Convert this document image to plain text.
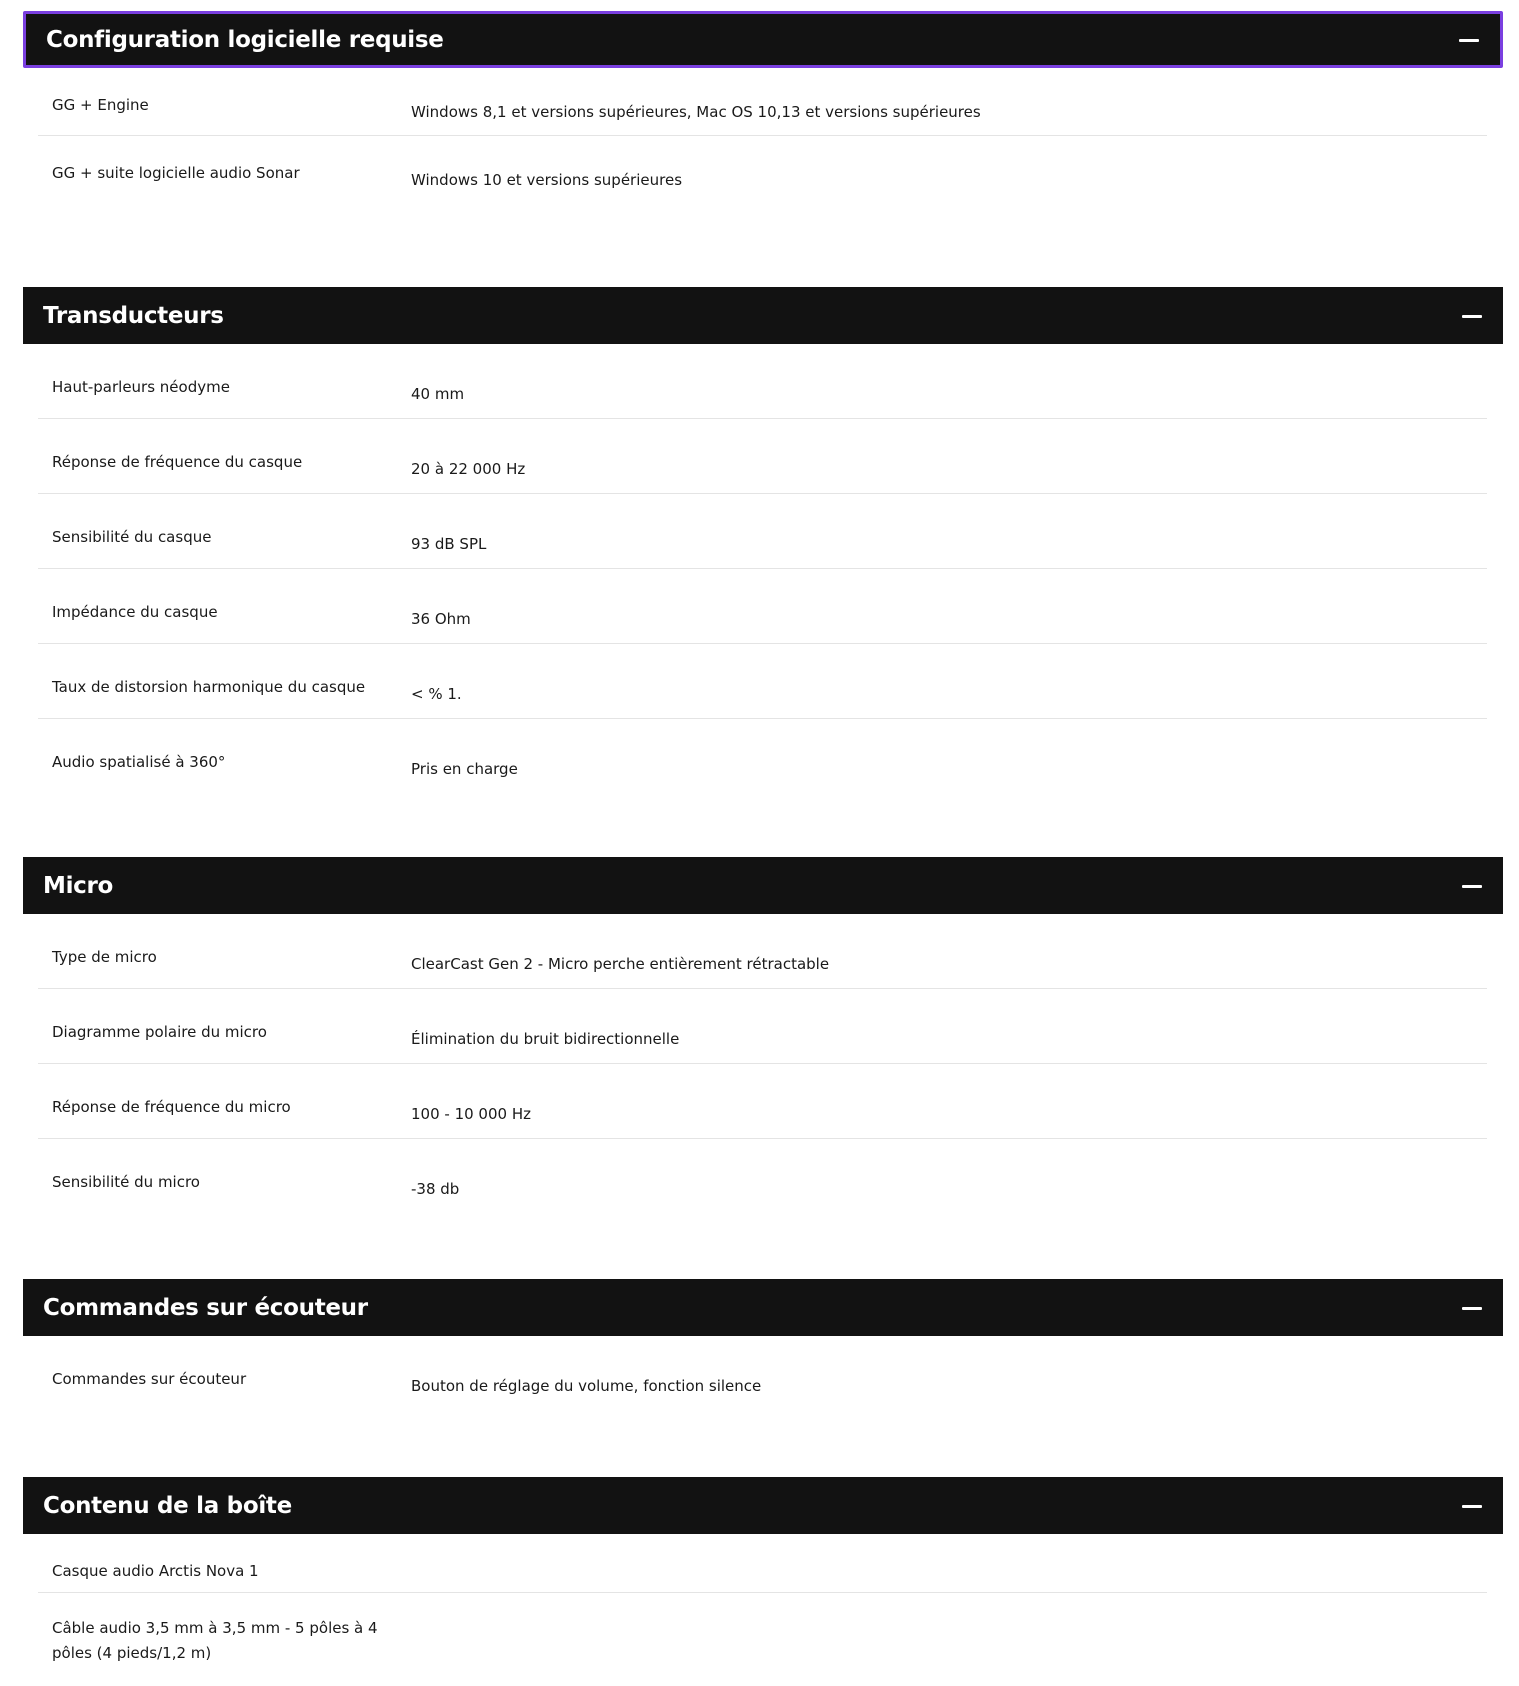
Configuration logicielle requise
GG + Engine	Windows 8,1 et versions supérieures, Mac OS 10,13 et versions supérieures
GG + suite logicielle audio Sonar	Windows 10 et versions supérieures
Transducteurs
Haut-parleurs néodyme	40 mm
Réponse de fréquence du casque	20 à 22 000 Hz
Sensibilité du casque	93 dB SPL
Impédance du casque	36 Ohm
Taux de distorsion harmonique du casque	< % 1.
Audio spatialisé à 360°	Pris en charge
Micro
Type de micro	ClearCast Gen 2 - Micro perche entièrement rétractable
Diagramme polaire du micro	Élimination du bruit bidirectionnelle
Réponse de fréquence du micro	100 - 10 000 Hz
Sensibilité du micro	-38 db
Commandes sur écouteur
Commandes sur écouteur	Bouton de réglage du volume, fonction silence
Contenu de la boîte
Casque audio Arctis Nova 1
Câble audio 3,5 mm à 3,5 mm - 5 pôles à 4 pôles (4 pieds/1,2 m)
